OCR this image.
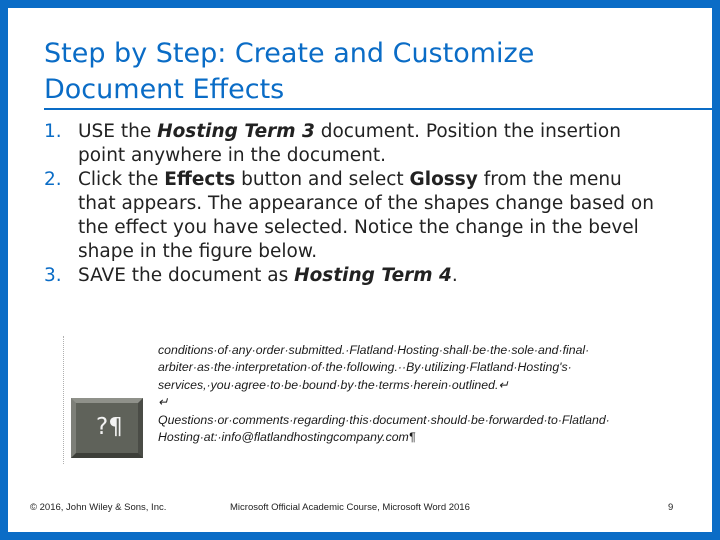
Step by Step: Create and Customize
Document Effects
1. USE the Hosting Term 3 document. Position the insertion
point anywhere in the document.
2. Click the Effects button and select Glossy from the menu
that appears. The appearance of the shapes change based on
the effect you have selected. Notice the change in the bevel
shape in the figure below.
3. SAVE the document as Hosting Term 4.
?¶
conditions·of·any·order·submitted.·Flatland·Hosting·shall·be·the·sole·and·final·
arbiter·as·the·interpretation·of·the·following.··By·utilizing·Flatland·Hosting's·
services,·you·agree·to·be·bound·by·the·terms·herein·outlined.↵
↵
Questions·or·comments·regarding·this·document·should·be·forwarded·to·Flatland·
Hosting·at:·info@flatlandhostingcompany.com¶
© 2016, John Wiley & Sons, Inc.	Microsoft Official Academic Course, Microsoft Word 2016	9
